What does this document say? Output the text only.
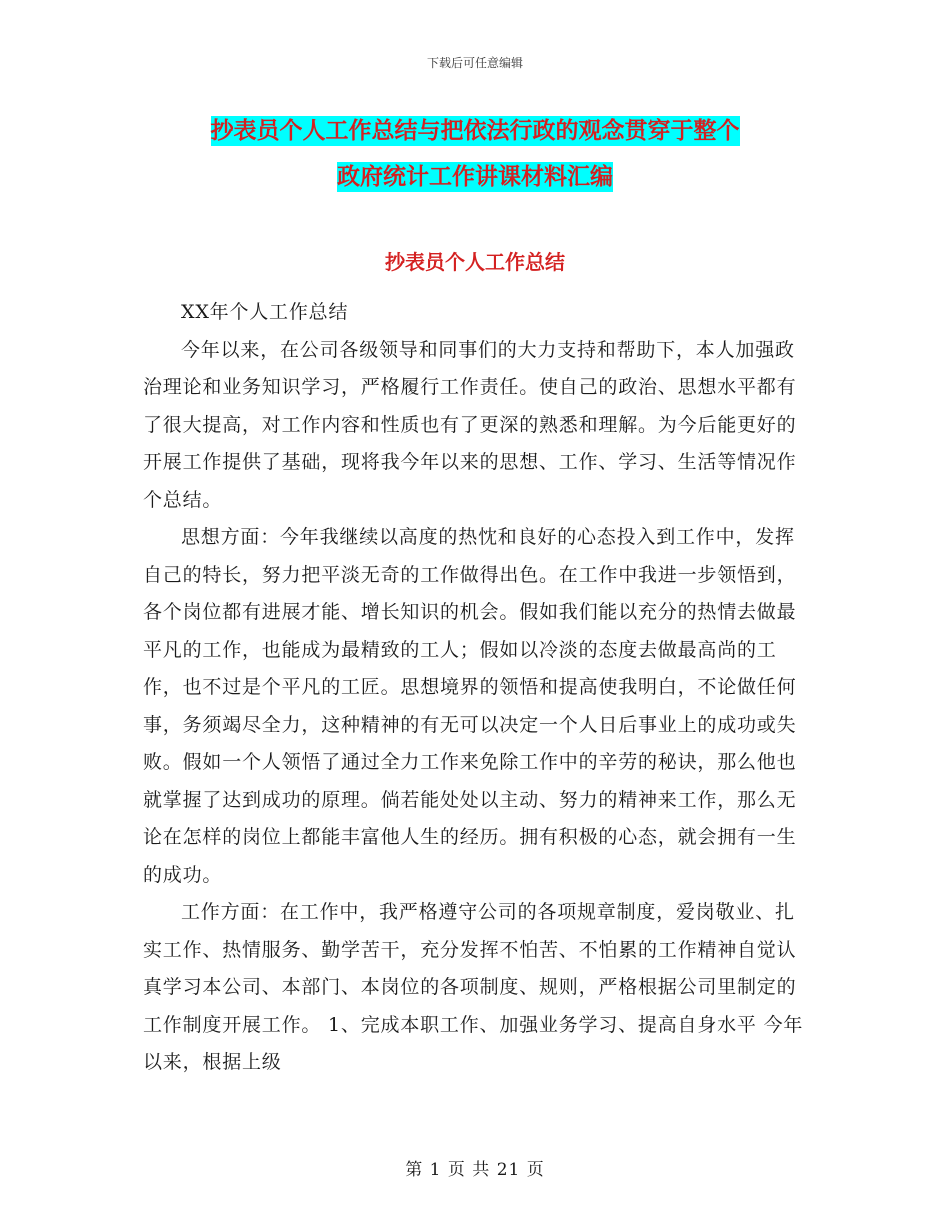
下载后可任意编辑
抄表员个人工作总结与把依法行政的观念贯穿于整个
政府统计工作讲课材料汇编
抄表员个人工作总结

XX年个人工作总结

今年以来，在公司各级领导和同事们的大力支持和帮助下，本人加强政治理论和业务知识学习，严格履行工作责任。使自己的政治、思想水平都有了很大提高，对工作内容和性质也有了更深的熟悉和理解。为今后能更好的开展工作提供了基础，现将我今年以来的思想、工作、学习、生活等情况作个总结。

思想方面：今年我继续以高度的热忱和良好的心态投入到工作中，发挥自己的特长，努力把平淡无奇的工作做得出色。在工作中我进一步领悟到，各个岗位都有进展才能、增长知识的机会。假如我们能以充分的热情去做最平凡的工作，也能成为最精致的工人；假如以冷淡的态度去做最高尚的工作，也不过是个平凡的工匠。思想境界的领悟和提高使我明白，不论做任何事，务须竭尽全力，这种精神的有无可以决定一个人日后事业上的成功或失败。假如一个人领悟了通过全力工作来免除工作中的辛劳的秘诀，那么他也就掌握了达到成功的原理。倘若能处处以主动、努力的精神来工作，那么无论在怎样的岗位上都能丰富他人生的经历。拥有积极的心态，就会拥有一生的成功。

工作方面：在工作中，我严格遵守公司的各项规章制度，爱岗敬业、扎实工作、热情服务、勤学苦干，充分发挥不怕苦、不怕累的工作精神自觉认真学习本公司、本部门、本岗位的各项制度、规则，严格根据公司里制定的工作制度开展工作。 1、完成本职工作、加强业务学习、提高自身水平 今年以来，根据上级

第 1 页 共 21 页
